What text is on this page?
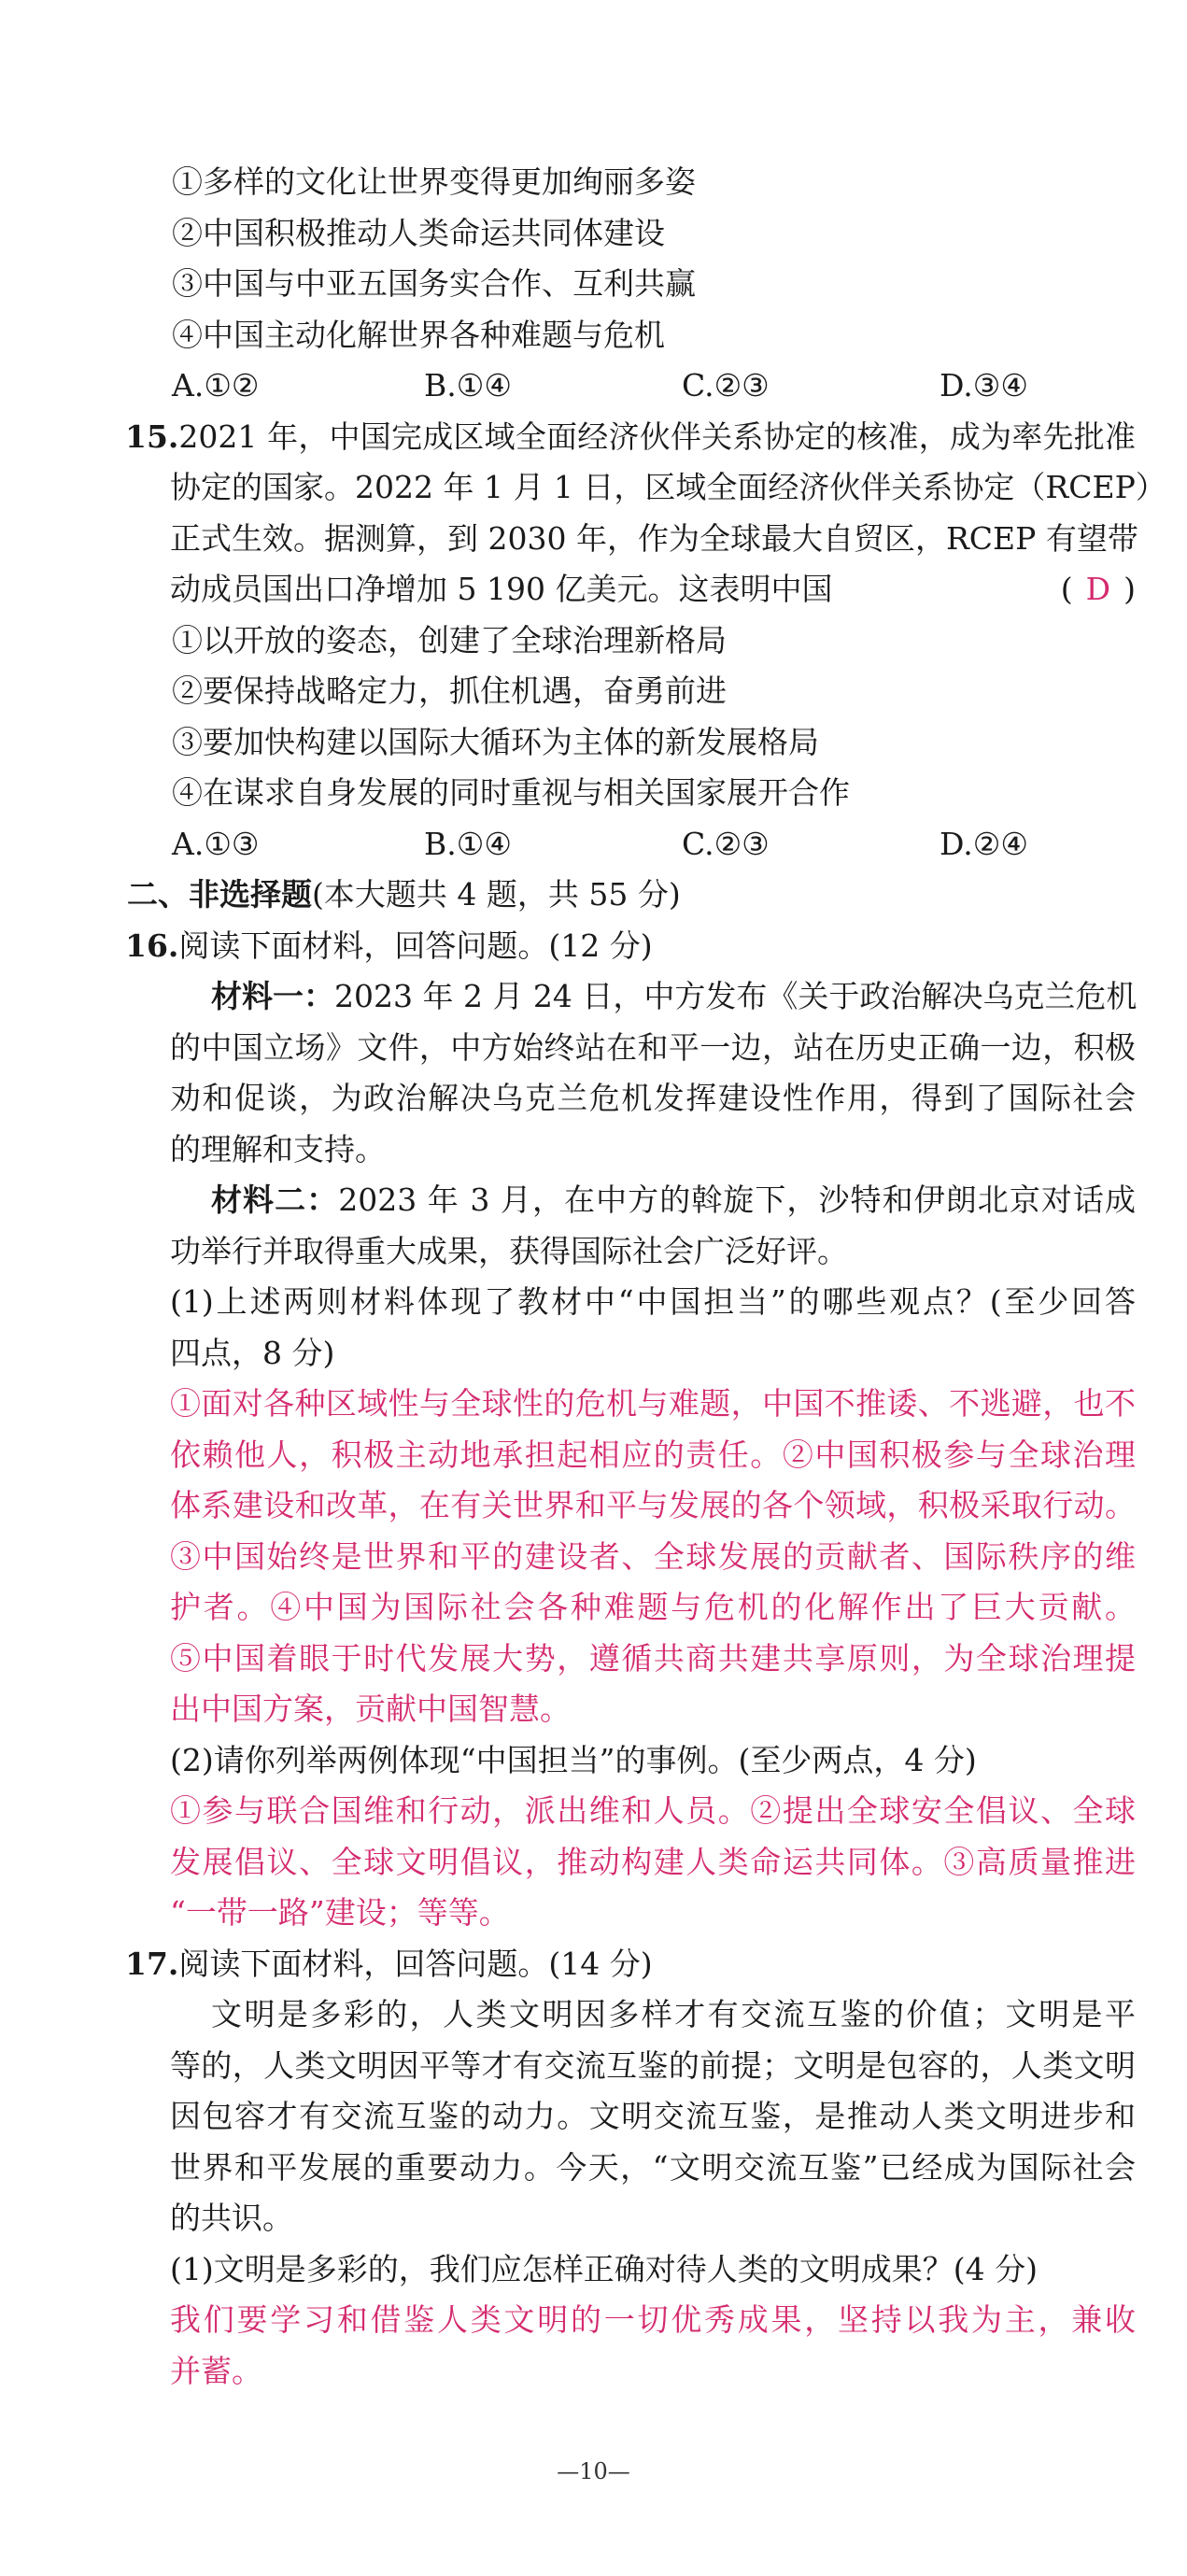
①多样的文化让世界变得更加绚丽多姿
②中国积极推动人类命运共同体建设
③中国与中亚五国务实合作、互利共赢
④中国主动化解世界各种难题与危机
A.①②	B.①④	C.②③	D.③④
15.2021 年，中国完成区域全面经济伙伴关系协定的核准，成为率先批准
协定的国家。2022 年 1 月 1 日，区域全面经济伙伴关系协定（RCEP）
正式生效。据测算，到 2030 年，作为全球最大自贸区，RCEP 有望带
动成员国出口净增加 5 190 亿美元。这表明中国	( D )
①以开放的姿态，创建了全球治理新格局
②要保持战略定力，抓住机遇，奋勇前进
③要加快构建以国际大循环为主体的新发展格局
④在谋求自身发展的同时重视与相关国家展开合作
A.①③	B.①④	C.②③	D.②④
二、非选择题(本大题共 4 题，共 55 分)
16.阅读下面材料，回答问题。(12 分)
材料一：2023 年 2 月 24 日，中方发布《关于政治解决乌克兰危机
的中国立场》文件，中方始终站在和平一边，站在历史正确一边，积极
劝和促谈，为政治解决乌克兰危机发挥建设性作用，得到了国际社会
的理解和支持。
材料二：2023 年 3 月，在中方的斡旋下，沙特和伊朗北京对话成
功举行并取得重大成果，获得国际社会广泛好评。
(1)上述两则材料体现了教材中“中国担当”的哪些观点？(至少回答
四点，8 分)
①面对各种区域性与全球性的危机与难题，中国不推诿、不逃避，也不
依赖他人，积极主动地承担起相应的责任。②中国积极参与全球治理
体系建设和改革，在有关世界和平与发展的各个领域，积极采取行动。
③中国始终是世界和平的建设者、全球发展的贡献者、国际秩序的维
护者。④中国为国际社会各种难题与危机的化解作出了巨大贡献。
⑤中国着眼于时代发展大势，遵循共商共建共享原则，为全球治理提
出中国方案，贡献中国智慧。
(2)请你列举两例体现“中国担当”的事例。(至少两点，4 分)
①参与联合国维和行动，派出维和人员。②提出全球安全倡议、全球
发展倡议、全球文明倡议，推动构建人类命运共同体。③高质量推进
“一带一路”建设；等等。
17.阅读下面材料，回答问题。(14 分)
文明是多彩的，人类文明因多样才有交流互鉴的价值；文明是平
等的，人类文明因平等才有交流互鉴的前提；文明是包容的，人类文明
因包容才有交流互鉴的动力。文明交流互鉴，是推动人类文明进步和
世界和平发展的重要动力。今天，“文明交流互鉴”已经成为国际社会
的共识。
(1)文明是多彩的，我们应怎样正确对待人类的文明成果？(4 分)
我们要学习和借鉴人类文明的一切优秀成果，坚持以我为主，兼收
并蓄。
—10—
